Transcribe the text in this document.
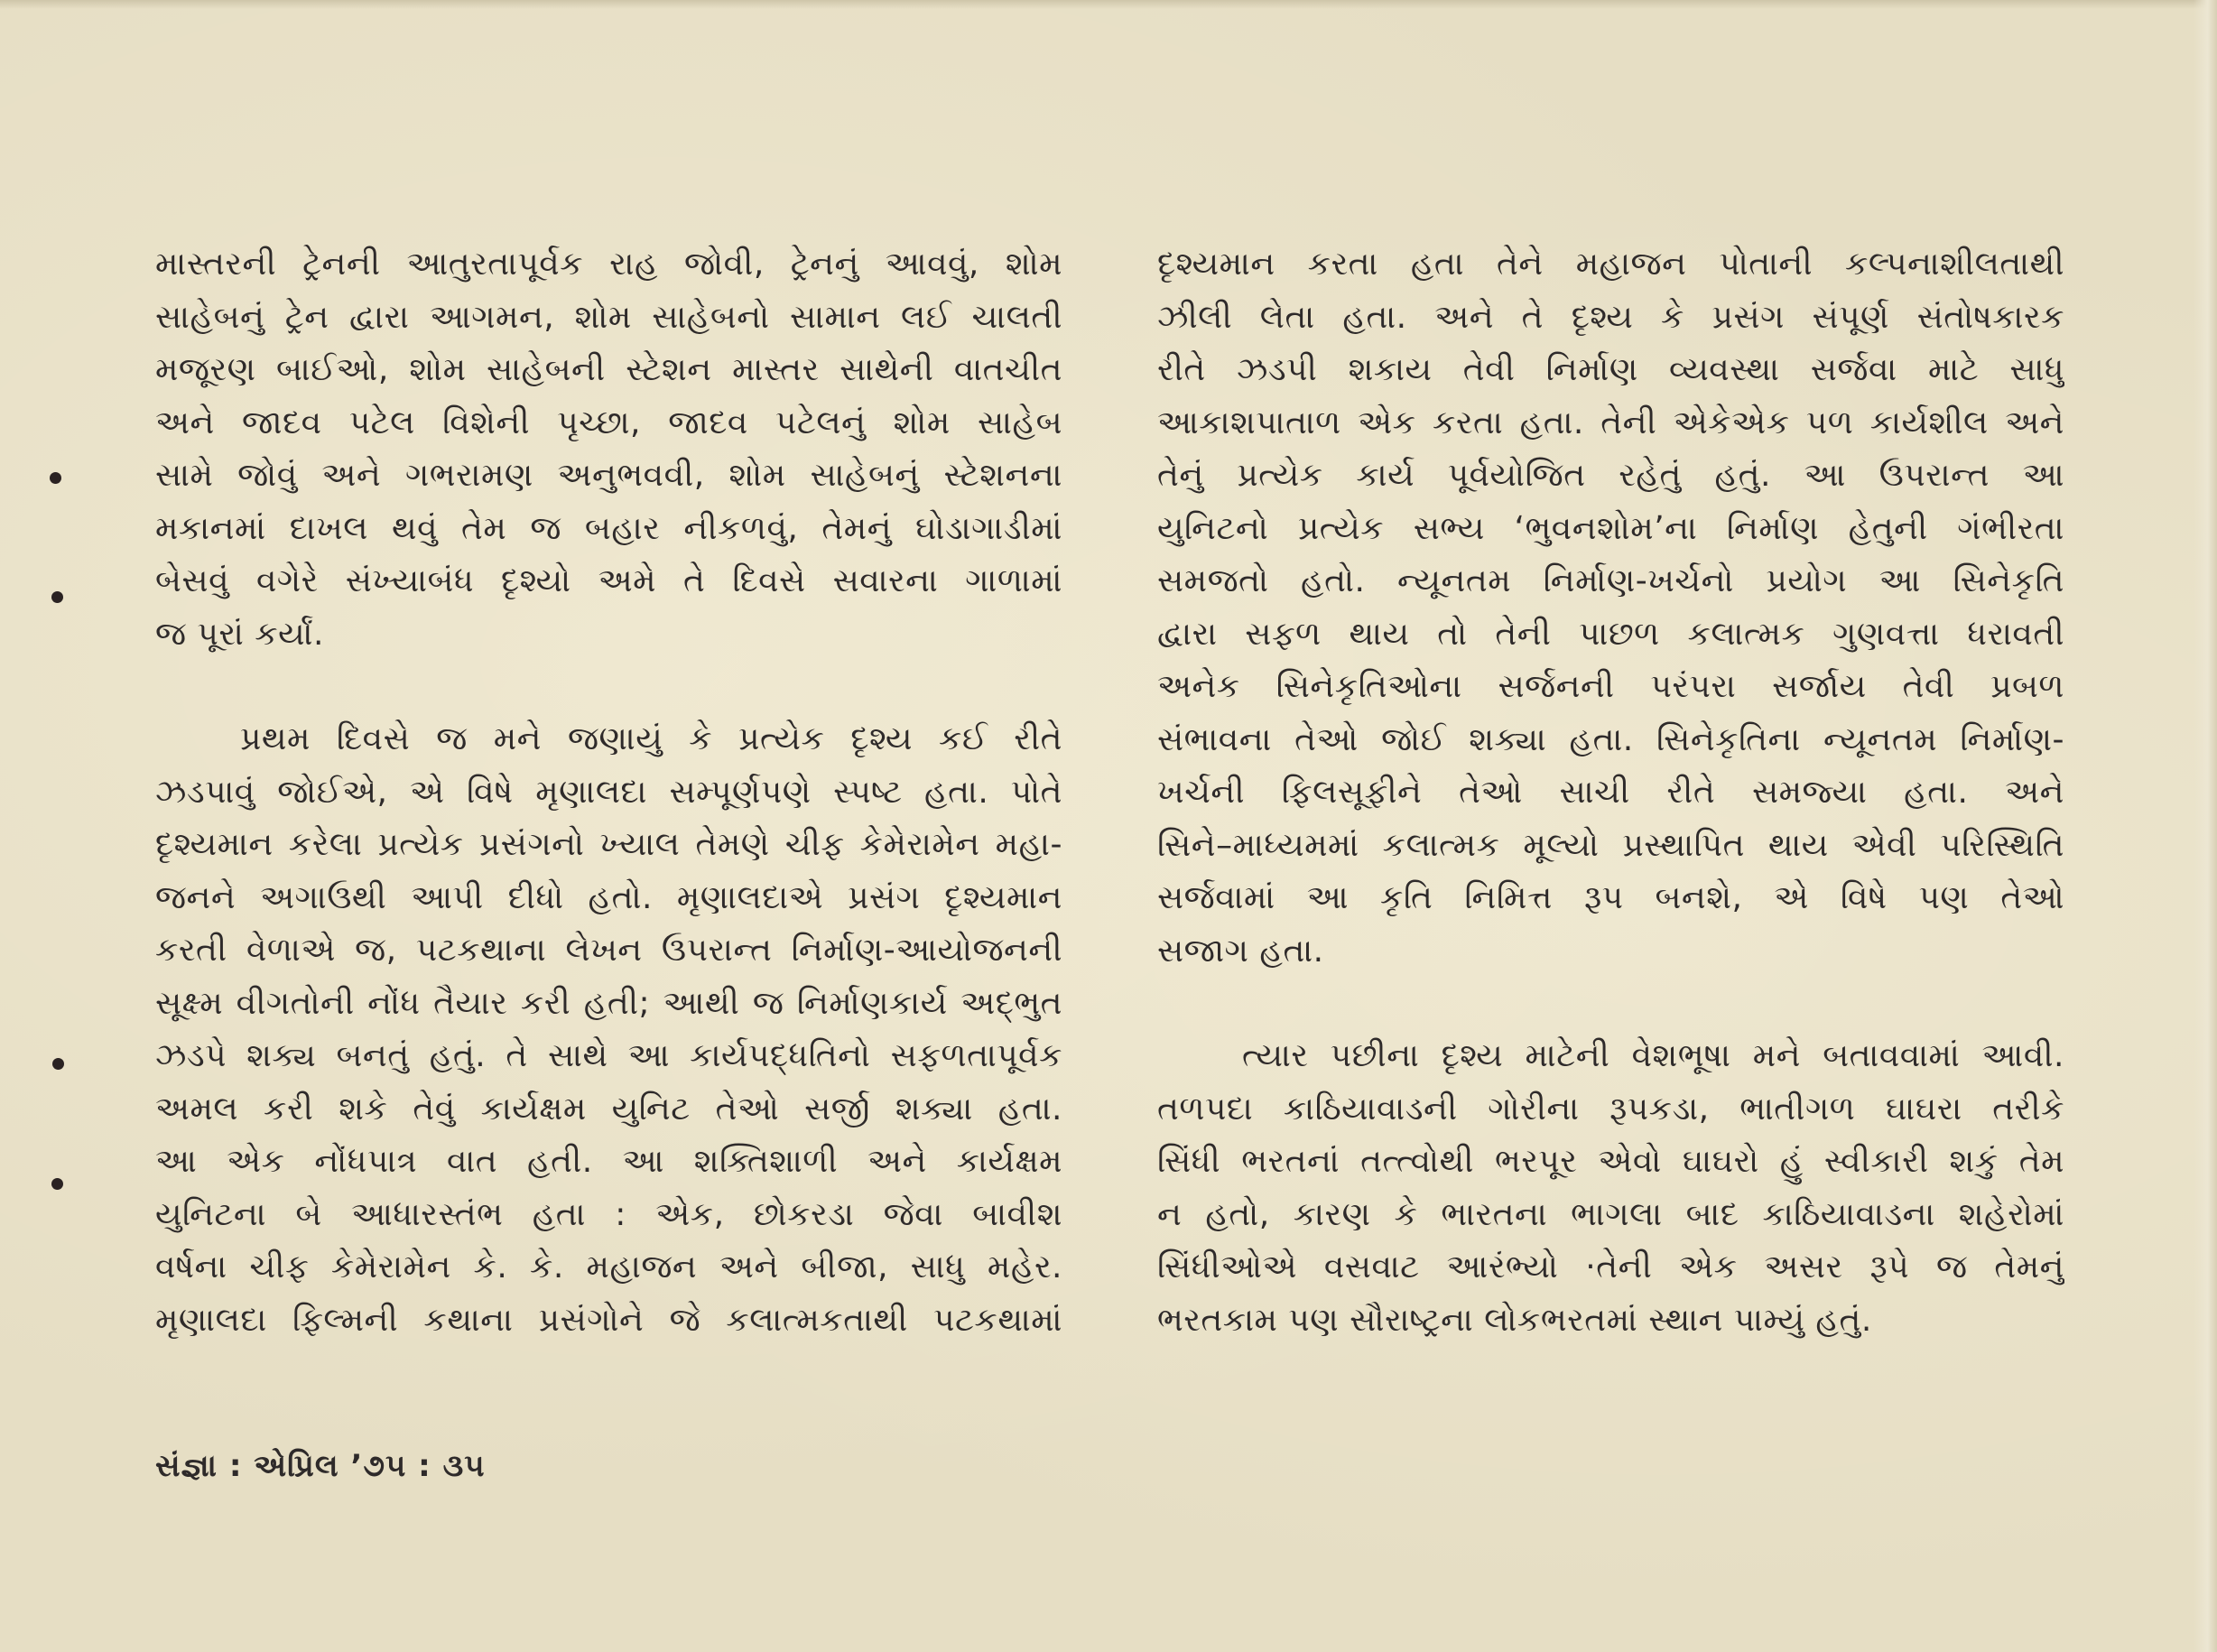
માસ્તરની ટ્રેનની આતુરતાપૂર્વક રાહ જોવી, ટ્રેનનું આવવું, શોમ
સાહેબનું ટ્રેન દ્વારા આગમન, શોમ સાહેબનો સામાન લઈ ચાલતી
મજૂરણ બાઈઓ, શોમ સાહેબની સ્ટેશન માસ્તર સાથેની વાતચીત
અને જાદવ પટેલ વિશેની પૃચ્છા, જાદવ પટેલનું શોમ સાહેબ
સામે જોવું અને ગભરામણ અનુભવવી, શોમ સાહેબનું સ્ટેશનના
મકાનમાં દાખલ થવું તેમ જ બહાર નીકળવું, તેમનું ઘોડાગાડીમાં
બેસવું વગેરે સંખ્યાબંધ દૃશ્યો અમે તે દિવસે સવારના ગાળામાં
જ પૂરાં કર્યાં.
પ્રથમ દિવસે જ મને જણાયું કે પ્રત્યેક દૃશ્ય કઈ રીતે
ઝડપાવું જોઈએ, એ વિષે મૃણાલદા સમ્પૂર્ણપણે સ્પષ્ટ હતા. પોતે
દૃશ્યમાન કરેલા પ્રત્યેક પ્રસંગનો ખ્યાલ તેમણે ચીફ કેમેરામેન મહા-
જનને અગાઉથી આપી દીધો હતો. મૃણાલદાએ પ્રસંગ દૃશ્યમાન
કરતી વેળાએ જ, પટકથાના લેખન ઉપરાન્ત નિર્માણ-આયોજનની
સૂક્ષ્મ વીગતોની નોંધ તૈયાર કરી હતી; આથી જ નિર્માણકાર્ય અદ્‌ભુત
ઝડપે શક્ય બનતું હતું. તે સાથે આ કાર્યપદ્ધતિનો સફળતાપૂર્વક
અમલ કરી શકે તેવું કાર્યક્ષમ યુનિટ તેઓ સર્જી શક્યા હતા.
આ એક નોંધપાત્ર વાત હતી. આ શક્તિશાળી અને કાર્યક્ષમ
યુનિટના બે આધારસ્તંભ હતા : એક, છોકરડા જેવા બાવીશ
વર્ષના ચીફ કેમેરામેન કે. કે. મહાજન અને બીજા, સાધુ મહેર.
મૃણાલદા ફિલ્મની કથાના પ્રસંગોને જે કલાત્મકતાથી પટકથામાં
દૃશ્યમાન કરતા હતા તેને મહાજન પોતાની કલ્પનાશીલતાથી
ઝીલી લેતા હતા. અને તે દૃશ્ય કે પ્રસંગ સંપૂર્ણ સંતોષકારક
રીતે ઝડપી શકાય તેવી નિર્માણ વ્યવસ્થા સર્જવા માટે સાધુ
આકાશપાતાળ એક કરતા હતા. તેની એકેએક પળ કાર્યશીલ અને
તેનું પ્રત્યેક કાર્ય પૂર્વયોજિત રહેતું હતું. આ ઉપરાન્ત આ
યુનિટનો પ્રત્યેક સભ્ય ‘ભુવનશોમ’ના નિર્માણ હેતુની ગંભીરતા
સમજતો હતો. ન્યૂનતમ નિર્માણ-ખર્ચનો પ્રયોગ આ સિનેકૃતિ
દ્વારા સફળ થાય તો તેની પાછળ કલાત્મક ગુણવત્તા ધરાવતી
અનેક સિનેકૃતિઓના સર્જનની પરંપરા સર્જાય તેવી પ્રબળ
સંભાવના તેઓ જોઈ શક્યા હતા. સિનેકૃતિના ન્યૂનતમ નિર્માણ-
ખર્ચની ફિલસૂફીને તેઓ સાચી રીતે સમજ્યા હતા. અને
સિને–માધ્યમમાં કલાત્મક મૂલ્યો પ્રસ્થાપિત થાય એવી પરિસ્થિતિ
સર્જવામાં આ કૃતિ નિમિત્ત રૂપ બનશે, એ વિષે પણ તેઓ
સજાગ હતા.
ત્યાર પછીના દૃશ્ય માટેની વેશભૂષા મને બતાવવામાં આવી.
તળપદા કાઠિયાવાડની ગોરીના રૂપકડા, ભાતીગળ ઘાઘરા તરીકે
સિંધી ભરતનાં તત્ત્વોથી ભરપૂર એવો ઘાઘરો હું સ્વીકારી શકું તેમ
ન હતો, કારણ કે ભારતના ભાગલા બાદ કાઠિયાવાડના શહેરોમાં
સિંધીઓએ વસવાટ આરંભ્યો ·તેની એક અસર રૂપે જ તેમનું
ભરતકામ પણ સૌરાષ્ટ્રના લોકભરતમાં સ્થાન પામ્યું હતું.
સંજ્ઞા : એપ્રિલ ’૭૫ : ૩૫
